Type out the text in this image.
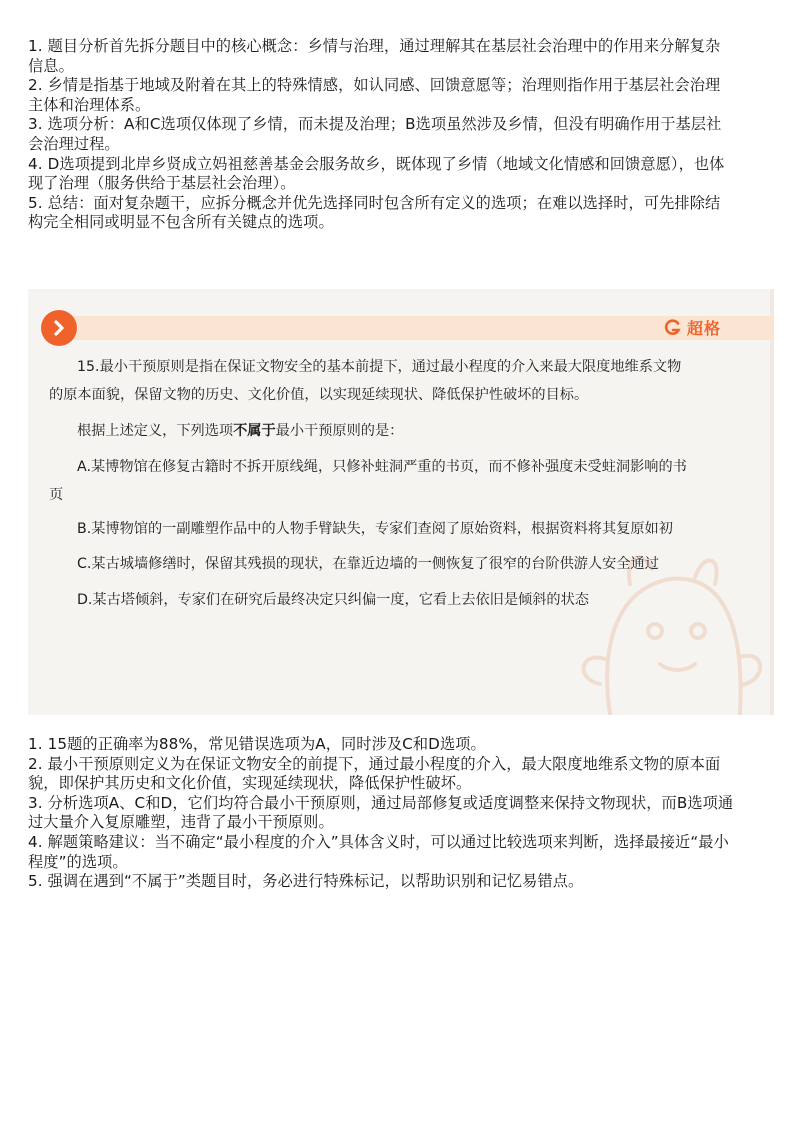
1. 题目分析首先拆分题目中的核心概念：乡情与治理，通过理解其在基层社会治理中的作用来分解复杂

信息。

2. 乡情是指基于地域及附着在其上的特殊情感，如认同感、回馈意愿等；治理则指作用于基层社会治理

主体和治理体系。

3. 选项分析：A和C选项仅体现了乡情，而未提及治理；B选项虽然涉及乡情，但没有明确作用于基层社

会治理过程。

4. D选项提到北岸乡贤成立妈祖慈善基金会服务故乡，既体现了乡情（地域文化情感和回馈意愿），也体

现了治理（服务供给于基层社会治理）。

5. 总结：面对复杂题干，应拆分概念并优先选择同时包含所有定义的选项；在难以选择时，可先排除结

构完全相同或明显不包含所有关键点的选项。

超格

15.最小干预原则是指在保证文物安全的基本前提下，通过最小程度的介入来最大限度地维系文物

的原本面貌，保留文物的历史、文化价值，以实现延续现状、降低保护性破坏的目标。

根据上述定义，下列选项不属于最小干预原则的是：

A.某博物馆在修复古籍时不拆开原线绳，只修补蛀洞严重的书页，而不修补强度未受蛀洞影响的书

页

B.某博物馆的一副雕塑作品中的人物手臂缺失，专家们查阅了原始资料，根据资料将其复原如初

C.某古城墙修缮时，保留其残损的现状，在靠近边墙的一侧恢复了很窄的台阶供游人安全通过

D.某古塔倾斜，专家们在研究后最终决定只纠偏一度，它看上去依旧是倾斜的状态

1. 15题的正确率为88%，常见错误选项为A，同时涉及C和D选项。

2. 最小干预原则定义为在保证文物安全的前提下，通过最小程度的介入，最大限度地维系文物的原本面

貌，即保护其历史和文化价值，实现延续现状，降低保护性破坏。

3. 分析选项A、C和D，它们均符合最小干预原则，通过局部修复或适度调整来保持文物现状，而B选项通

过大量介入复原雕塑，违背了最小干预原则。

4. 解题策略建议：当不确定“最小程度的介入”具体含义时，可以通过比较选项来判断，选择最接近“最小

程度”的选项。

5. 强调在遇到“不属于”类题目时，务必进行特殊标记，以帮助识别和记忆易错点。
